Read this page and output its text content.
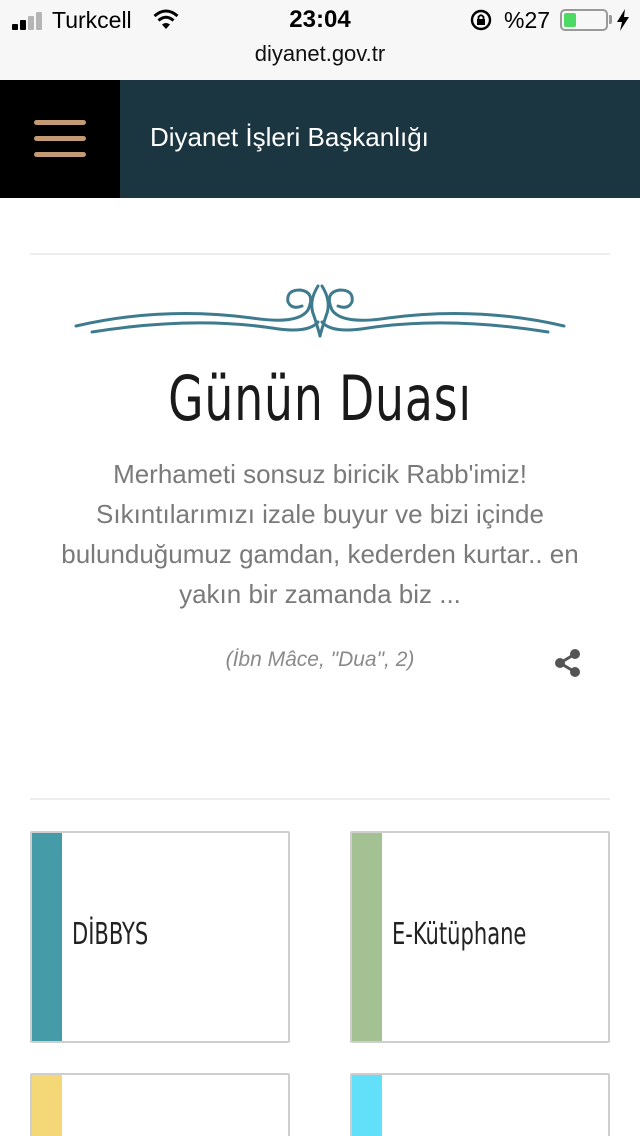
Turkcell	23:04	%27
diyanet.gov.tr
Diyanet İşleri Başkanlığı
Günün Duası

Merhameti sonsuz biricik Rabb'imiz! Sıkıntılarımızı izale buyur ve bizi içinde bulunduğumuz gamdan, kederden kurtar.. en yakın bir zamanda biz ...

(İbn Mâce, "Dua", 2)
DİBBYS	E-Kütüphane
